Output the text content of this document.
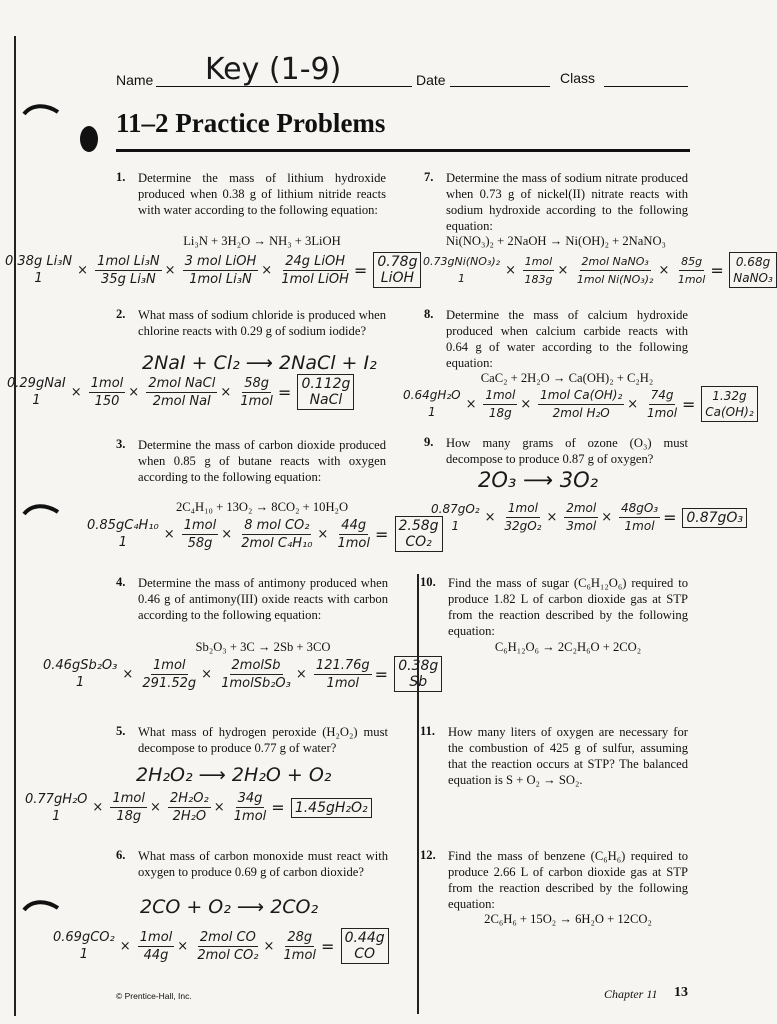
Name Key (1-9)	Date	Class
11–2 Practice Problems
1. Determine the mass of lithium hydroxide produced when 0.38 g of lithium nitride reacts with water according to the following equation:
Li₃N + 3H₂O → NH₃ + 3LiOH
0.38g Li₃N
1
× $\frac{\text{1mol Li₃N}}{\text{35g Li₃N}} \times \frac{\text{3 mol LiOH}}{\text{1mol Li₃N}} \times \frac{\text{24g LiOH}}{\text{1mol LiOH}} = 0.78g$
LiOH
2. What mass of sodium chloride is produced when chlorine reacts with 0.29 g of sodium iodide?
2NaI + Cl₂ ⟶ 2NaCl + I₂
0.29gNaI
1
× $\frac{\text{1mol}}{150} \times \frac{\text{2mol NaCl}}{\text{2mol NaI}} \times \frac{58g}{\text{1mol}} = 0.112g$
NaCl
3. Determine the mass of carbon dioxide produced when 0.85 g of butane reacts with oxygen according to the following equation:
2C₄H₁₀ + 13O₂ → 8CO₂ + 10H₂O
0.85gC₄H₁₀
1
× $\frac{\text{1mol}}{58g} \times \frac{\text{8 mol CO₂}}{\text{2mol C₄H₁₀}} \times \frac{44g}{\text{1mol}} = 2.58g$
CO₂
4. Determine the mass of antimony produced when 0.46 g of antimony(III) oxide reacts with carbon according to the following equation:
Sb₂O₃ + 3C → 2Sb + 3CO
0.46gSb₂O₃
1
× $\frac{\text{1mol}}{291.52g} \times \frac{\text{2molSb}}{\text{1molSb₂O₃}} \times \frac{121.76g}{\text{1mol}} = 0.38g$
Sb
5. What mass of hydrogen peroxide (H₂O₂) must decompose to produce 0.77 g of water?
2H₂O₂ ⟶ 2H₂O + O₂
0.77gH₂O
1
× $\frac{\text{1mol}}{18g} \times \frac{\text{2H₂O₂}}{\text{2H₂O}} \times \frac{34g}{\text{1mol}} = 1.45gH_2O_2$
6. What mass of carbon monoxide must react with oxygen to produce 0.69 g of carbon dioxide?
2CO + O₂ ⟶ 2CO₂
0.69gCO₂
1
× $\frac{\text{1mol}}{44g} \times \frac{\text{2mol CO}}{\text{2mol CO₂}} \times \frac{28g}{\text{1mol}} = 0.44g$
CO
7. Determine the mass of sodium nitrate produced when 0.73 g of nickel(II) nitrate reacts with sodium hydroxide according to the following equation:
Ni(NO₃)₂ + 2NaOH → Ni(OH)₂ + 2NaNO₃
0.73gNi(NO₃)₂
1
× $\frac{\text{1mol}}{183g} \times \frac{\text{2mol NaNO₃}}{\text{1mol Ni(NO₃)₂}} \times \frac{85g}{\text{1mol}} = 0.68g$
NaNO₃
8. Determine the mass of calcium hydroxide produced when calcium carbide reacts with 0.64 g of water according to the following equation:
CaC₂ + 2H₂O → Ca(OH)₂ + C₂H₂
0.64gH₂O
1
× $\frac{\text{1mol}}{18g} \times \frac{\text{1mol Ca(OH)₂}}{\text{2mol H₂O}} \times \frac{74g}{\text{1mol}} = 1.32g$
Ca(OH)₂
9. How many grams of ozone (O₃) must decompose to produce 0.87 g of oxygen?
2O₃ ⟶ 3O₂
0.87gO₂
1
× $\frac{\text{1mol}}{\text{32gO₂}} \times \frac{\text{2mol}}{\text{3mol}} \times \frac{\text{48gO₃}}{\text{1mol}} = 0.87gO_3$
10. Find the mass of sugar (C₆H₁₂O₆) required to produce 1.82 L of carbon dioxide gas at STP from the reaction described by the following equation:
C₆H₁₂O₆ → 2C₂H₆O + 2CO₂
11. How many liters of oxygen are necessary for the combustion of 425 g of sulfur, assuming that the reaction occurs at STP? The balanced equation is S + O₂ → SO₂.
12. Find the mass of benzene (C₆H₆) required to produce 2.66 L of carbon dioxide gas at STP from the reaction described by the following equation:
2C₆H₆ + 15O₂ → 6H₂O + 12CO₂
© Prentice-Hall, Inc.	Chapter 11 13
